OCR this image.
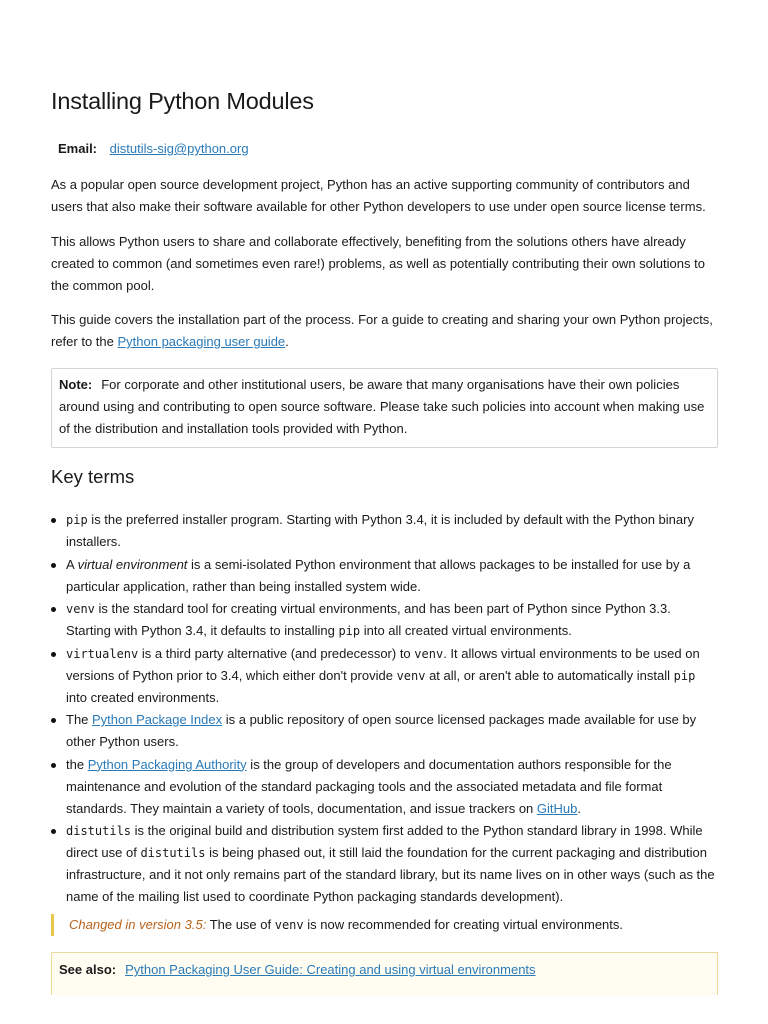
Installing Python Modules
Email: distutils-sig@python.org

As a popular open source development project, Python has an active supporting community of contributors and users that also make their software available for other Python developers to use under open source license terms.

This allows Python users to share and collaborate effectively, benefiting from the solutions others have already created to common (and sometimes even rare!) problems, as well as potentially contributing their own solutions to the common pool.

This guide covers the installation part of the process. For a guide to creating and sharing your own Python projects, refer to the Python packaging user guide.

Note: For corporate and other institutional users, be aware that many organisations have their own policies around using and contributing to open source software. Please take such policies into account when making use of the distribution and installation tools provided with Python.
Key terms
pip is the preferred installer program. Starting with Python 3.4, it is included by default with the Python binary installers.
A virtual environment is a semi-isolated Python environment that allows packages to be installed for use by a particular application, rather than being installed system wide.
venv is the standard tool for creating virtual environments, and has been part of Python since Python 3.3. Starting with Python 3.4, it defaults to installing pip into all created virtual environments.
virtualenv is a third party alternative (and predecessor) to venv. It allows virtual environments to be used on versions of Python prior to 3.4, which either don't provide venv at all, or aren't able to automatically install pip into created environments.
The Python Package Index is a public repository of open source licensed packages made available for use by other Python users.
the Python Packaging Authority is the group of developers and documentation authors responsible for the maintenance and evolution of the standard packaging tools and the associated metadata and file format standards. They maintain a variety of tools, documentation, and issue trackers on GitHub.
distutils is the original build and distribution system first added to the Python standard library in 1998. While direct use of distutils is being phased out, it still laid the foundation for the current packaging and distribution infrastructure, and it not only remains part of the standard library, but its name lives on in other ways (such as the name of the mailing list used to coordinate Python packaging standards development).
Changed in version 3.5: The use of venv is now recommended for creating virtual environments.
See also: Python Packaging User Guide: Creating and using virtual environments
